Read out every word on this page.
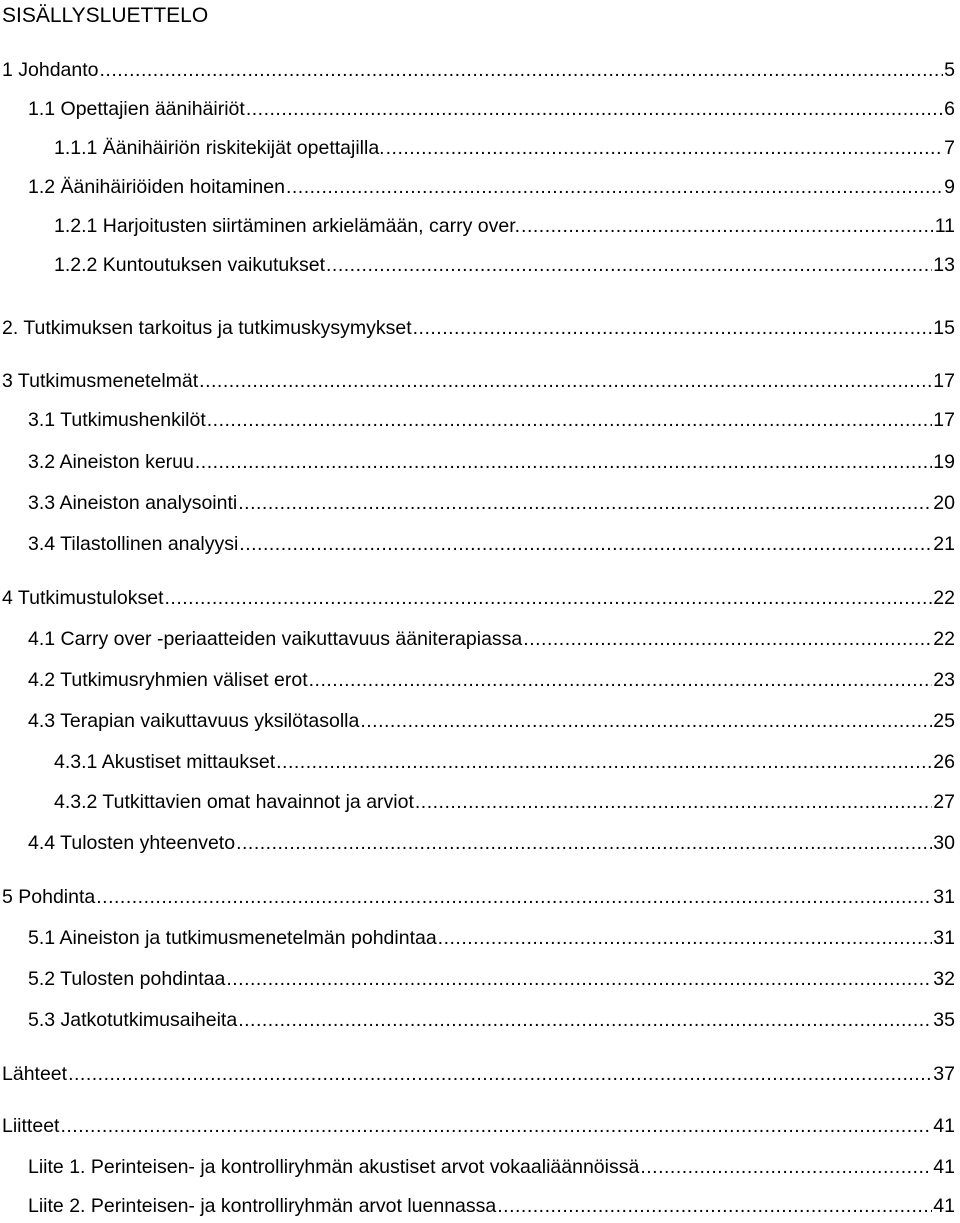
SISÄLLYSLUETTELO
1 Johdanto .....	5
1.1 Opettajien äänihäiriöt .....	6
1.1.1 Äänihäiriön riskitekijät opettajilla. .....	7
1.2 Äänihäiriöiden hoitaminen .....	9
1.2.1 Harjoitusten siirtäminen arkielämään, carry over. .....	11
1.2.2 Kuntoutuksen vaikutukset .....	13
2. Tutkimuksen tarkoitus ja tutkimuskysymykset .....	15
3 Tutkimusmenetelmät .....	17
3.1 Tutkimushenkilöt .....	17
3.2 Aineiston keruu .....	19
3.3 Aineiston analysointi .....	20
3.4 Tilastollinen analyysi .....	21
4 Tutkimustulokset .....	22
4.1 Carry over -periaatteiden vaikuttavuus ääniterapiassa .....	22
4.2 Tutkimusryhmien väliset erot .....	23
4.3 Terapian vaikuttavuus yksilötasolla .....	25
4.3.1 Akustiset mittaukset .....	26
4.3.2 Tutkittavien omat havainnot ja arviot .....	27
4.4 Tulosten yhteenveto .....	30
5 Pohdinta .....	31
5.1 Aineiston ja tutkimusmenetelmän pohdintaa .....	31
5.2 Tulosten pohdintaa .....	32
5.3 Jatkotutkimusaiheita .....	35
Lähteet .....	37
Liitteet .....	41
Liite 1. Perinteisen- ja kontrolliryhmän akustiset arvot vokaaliäännöissä .....	41
Liite 2. Perinteisen- ja kontrolliryhmän arvot luennassa .....	41
